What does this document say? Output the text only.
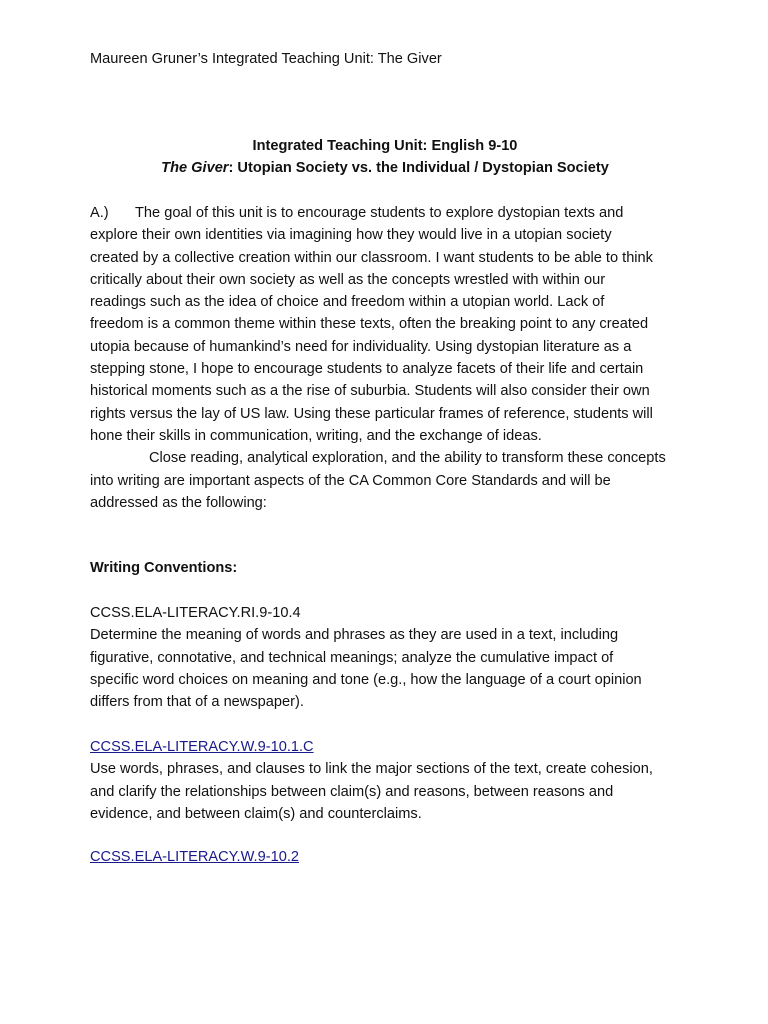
Maureen Gruner’s Integrated Teaching Unit: The Giver
Integrated Teaching Unit: English 9-10
The Giver: Utopian Society vs. the Individual / Dystopian Society
A.) The goal of this unit is to encourage students to explore dystopian texts and
explore their own identities via imagining how they would live in a utopian society
created by a collective creation within our classroom. I want students to be able to think
critically about their own society as well as the concepts wrestled with within our
readings such as the idea of choice and freedom within a utopian world. Lack of
freedom is a common theme within these texts, often the breaking point to any created
utopia because of humankind’s need for individuality. Using dystopian literature as a
stepping stone, I hope to encourage students to analyze facets of their life and certain
historical moments such as a the rise of suburbia. Students will also consider their own
rights versus the lay of US law. Using these particular frames of reference, students will
hone their skills in communication, writing, and the exchange of ideas.
Close reading, analytical exploration, and the ability to transform these concepts
into writing are important aspects of the CA Common Core Standards and will be
addressed as the following:
Writing Conventions:
CCSS.ELA-LITERACY.RI.9-10.4
Determine the meaning of words and phrases as they are used in a text, including
figurative, connotative, and technical meanings; analyze the cumulative impact of
specific word choices on meaning and tone (e.g., how the language of a court opinion
differs from that of a newspaper).
CCSS.ELA-LITERACY.W.9-10.1.C
Use words, phrases, and clauses to link the major sections of the text, create cohesion,
and clarify the relationships between claim(s) and reasons, between reasons and
evidence, and between claim(s) and counterclaims.
CCSS.ELA-LITERACY.W.9-10.2
